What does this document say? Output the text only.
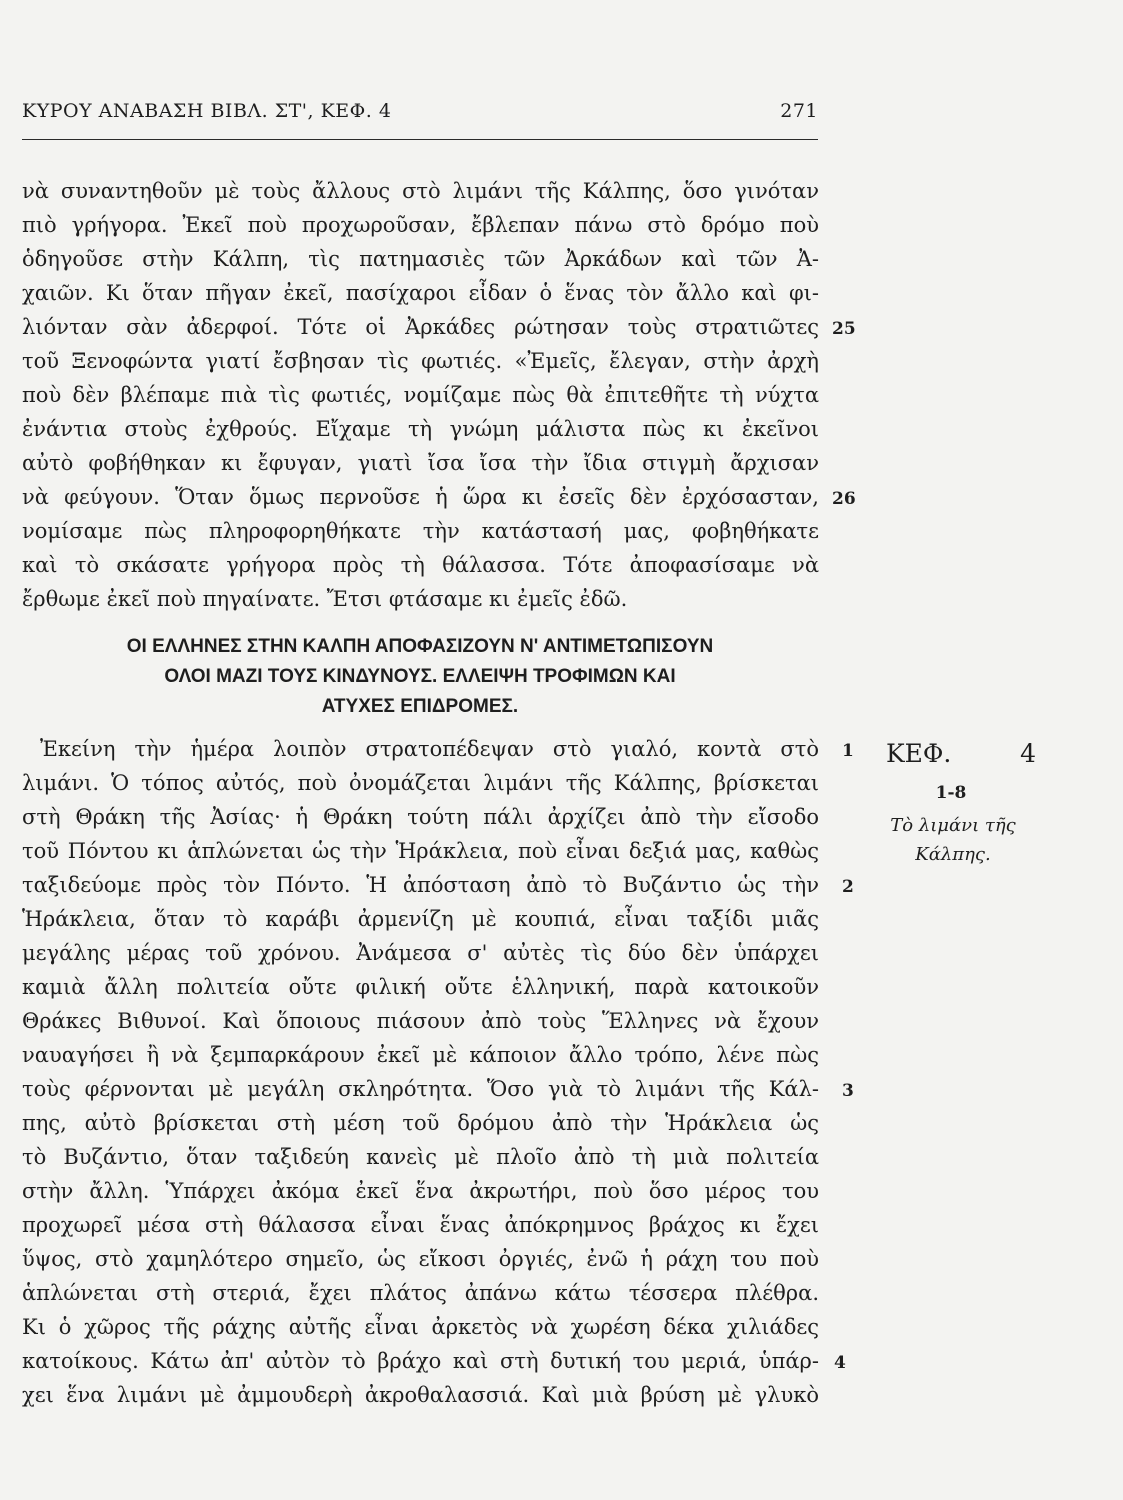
ΚΥΡΟΥ ΑΝΑΒΑΣΗ ΒΙΒΛ. ΣΤ', ΚΕΦ. 4	271
νὰ συναντηθοῦν μὲ τοὺς ἄλλους στὸ λιμάνι τῆς Κάλπης, ὅσο γινόταν
πιὸ γρήγορα. Ἐκεῖ ποὺ προχωροῦσαν, ἔβλεπαν πάνω στὸ δρόμο ποὺ
ὁδηγοῦσε στὴν Κάλπη, τὶς πατημασιὲς τῶν Ἀρκάδων καὶ τῶν Ἀ-
χαιῶν. Κι ὅταν πῆγαν ἐκεῖ, πασίχαροι εἶδαν ὁ ἕνας τὸν ἄλλο καὶ φι-
λιόνταν σὰν ἀδερφοί. Τότε οἱ Ἀρκάδες ρώτησαν τοὺς στρατιῶτες
τοῦ Ξενοφώντα γιατί ἔσβησαν τὶς φωτιές. «Ἐμεῖς, ἔλεγαν, στὴν ἀρχὴ
ποὺ δὲν βλέπαμε πιὰ τὶς φωτιές, νομίζαμε πὼς θὰ ἐπιτεθῆτε τὴ νύχτα
ἐνάντια στοὺς ἐχθρούς. Εἴχαμε τὴ γνώμη μάλιστα πὼς κι ἐκεῖνοι
αὐτὸ φοβήθηκαν κι ἔφυγαν, γιατὶ ἴσα ἴσα τὴν ἴδια στιγμὴ ἄρχισαν
νὰ φεύγουν. Ὅταν ὅμως περνοῦσε ἡ ὥρα κι ἐσεῖς δὲν ἐρχόσασταν,
νομίσαμε πὼς πληροφορηθήκατε τὴν κατάστασή μας, φοβηθήκατε
καὶ τὸ σκάσατε γρήγορα πρὸς τὴ θάλασσα. Τότε ἀποφασίσαμε νὰ
ἔρθωμε ἐκεῖ ποὺ πηγαίνατε. Ἔτσι φτάσαμε κι ἐμεῖς ἐδῶ.
ΟΙ ΕΛΛΗΝΕΣ ΣΤΗΝ ΚΑΛΠΗ ΑΠΟΦΑΣΙΖΟΥΝ Ν' ΑΝΤΙΜΕΤΩΠΙΣΟΥΝ
ΟΛΟΙ ΜΑΖΙ ΤΟΥΣ ΚΙΝΔΥΝΟΥΣ. ΕΛΛΕΙΨΗ ΤΡΟΦΙΜΩΝ ΚΑΙ
ΑΤΥΧΕΣ ΕΠΙΔΡΟΜΕΣ.
Ἐκείνη τὴν ἡμέρα λοιπὸν στρατοπέδεψαν στὸ γιαλό, κοντὰ στὸ
λιμάνι. Ὁ τόπος αὐτός, ποὺ ὀνομάζεται λιμάνι τῆς Κάλπης, βρίσκεται
στὴ Θράκη τῆς Ἀσίας· ἡ Θράκη τούτη πάλι ἀρχίζει ἀπὸ τὴν εἴσοδο
τοῦ Πόντου κι ἁπλώνεται ὡς τὴν Ἡράκλεια, ποὺ εἶναι δεξιά μας, καθὼς
ταξιδεύομε πρὸς τὸν Πόντο. Ἡ ἀπόσταση ἀπὸ τὸ Βυζάντιο ὡς τὴν
Ἡράκλεια, ὅταν τὸ καράβι ἀρμενίζη μὲ κουπιά, εἶναι ταξίδι μιᾶς
μεγάλης μέρας τοῦ χρόνου. Ἀνάμεσα σ' αὐτὲς τὶς δύο δὲν ὑπάρχει
καμιὰ ἄλλη πολιτεία οὔτε φιλική οὔτε ἑλληνική, παρὰ κατοικοῦν
Θράκες Βιθυνοί. Καὶ ὅποιους πιάσουν ἀπὸ τοὺς Ἕλληνες νὰ ἔχουν
ναυαγήσει ἢ νὰ ξεμπαρκάρουν ἐκεῖ μὲ κάποιον ἄλλο τρόπο, λένε πὼς
τοὺς φέρνονται μὲ μεγάλη σκληρότητα. Ὅσο γιὰ τὸ λιμάνι τῆς Κάλ-
πης, αὐτὸ βρίσκεται στὴ μέση τοῦ δρόμου ἀπὸ τὴν Ἡράκλεια ὡς
τὸ Βυζάντιο, ὅταν ταξιδεύη κανεὶς μὲ πλοῖο ἀπὸ τὴ μιὰ πολιτεία
στὴν ἄλλη. Ὑπάρχει ἀκόμα ἐκεῖ ἕνα ἀκρωτήρι, ποὺ ὅσο μέρος του
προχωρεῖ μέσα στὴ θάλασσα εἶναι ἕνας ἀπόκρημνος βράχος κι ἔχει
ὕψος, στὸ χαμηλότερο σημεῖο, ὡς εἴκοσι ὀργιές, ἐνῶ ἡ ράχη του ποὺ
ἁπλώνεται στὴ στεριά, ἔχει πλάτος ἀπάνω κάτω τέσσερα πλέθρα.
Κι ὁ χῶρος τῆς ράχης αὐτῆς εἶναι ἀρκετὸς νὰ χωρέση δέκα χιλιάδες
κατοίκους. Κάτω ἀπ' αὐτὸν τὸ βράχο καὶ στὴ δυτική του μεριά, ὑπάρ-
χει ἕνα λιμάνι μὲ ἀμμουδερὴ ἀκροθαλασσιά. Καὶ μιὰ βρύση μὲ γλυκὸ
25
26
1
2
3
4
ΚΕΦ.	4
1-8
Τὸ λιμάνι τῆς
Κάλπης.
